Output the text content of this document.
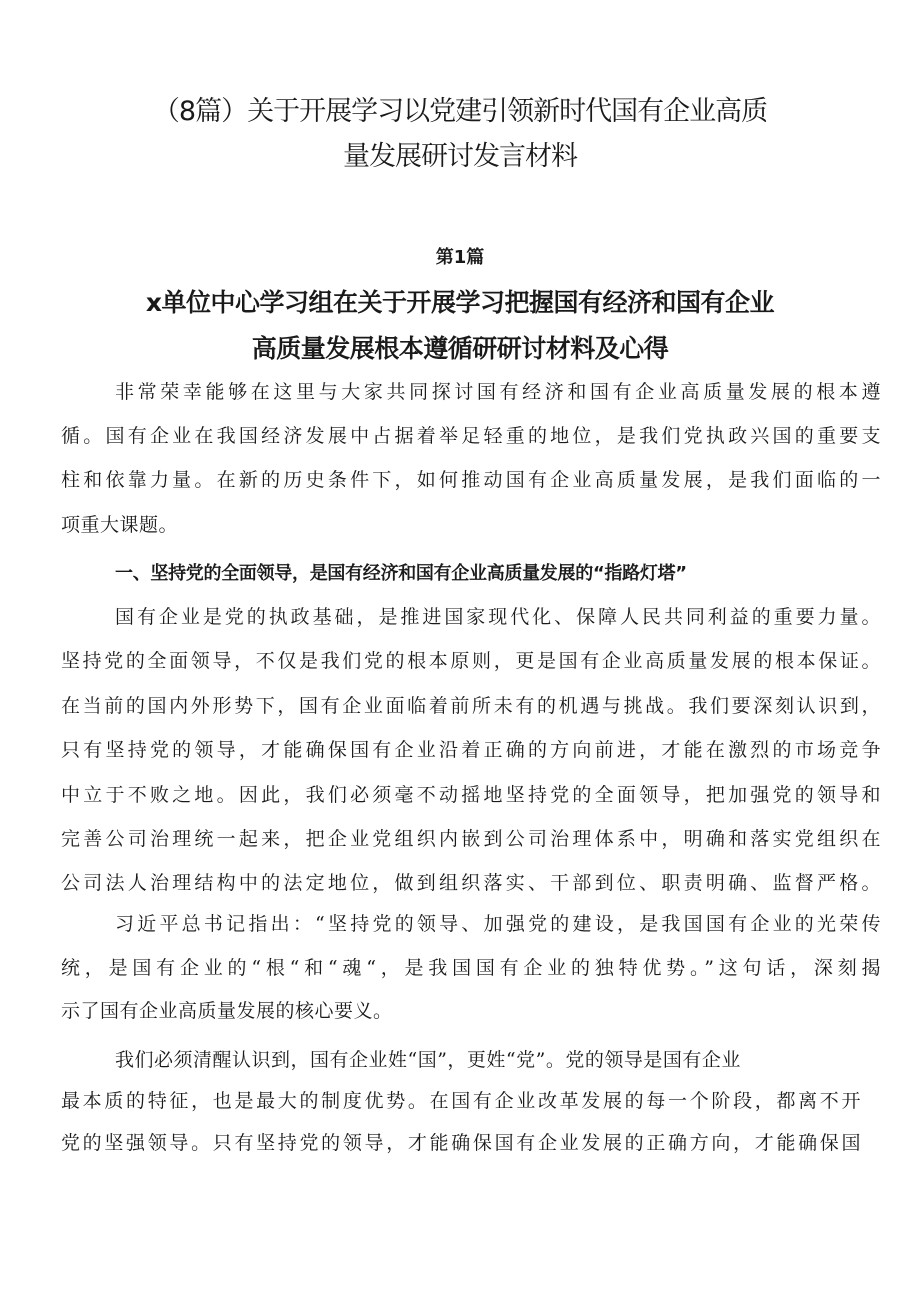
（8篇）关于开展学习以党建引领新时代国有企业高质
量发展研讨发言材料
第1篇
x单位中心学习组在关于开展学习把握国有经济和国有企业
高质量发展根本遵循研研讨材料及心得
非常荣幸能够在这里与大家共同探讨国有经济和国有企业高质量发展的根本遵
循。国有企业在我国经济发展中占据着举足轻重的地位，是我们党执政兴国的重要支
柱和依靠力量。在新的历史条件下，如何推动国有企业高质量发展，是我们面临的一
项重大课题。
一、坚持党的全面领导，是国有经济和国有企业高质量发展的“指路灯塔”
国有企业是党的执政基础，是推进国家现代化、保障人民共同利益的重要力量。
坚持党的全面领导，不仅是我们党的根本原则，更是国有企业高质量发展的根本保证。
在当前的国内外形势下，国有企业面临着前所未有的机遇与挑战。我们要深刻认识到，
只有坚持党的领导，才能确保国有企业沿着正确的方向前进，才能在激烈的市场竞争
中立于不败之地。因此，我们必须毫不动摇地坚持党的全面领导，把加强党的领导和
完善公司治理统一起来，把企业党组织内嵌到公司治理体系中，明确和落实党组织在
公司法人治理结构中的法定地位，做到组织落实、干部到位、职责明确、监督严格。
习近平总书记指出：“坚持党的领导、加强党的建设，是我国国有企业的光荣传
统，是国有企业的“根“和“魂“，是我国国有企业的独特优势。”这句话，深刻揭
示了国有企业高质量发展的核心要义。
我们必须清醒认识到，国有企业姓“国”，更姓“党”。党的领导是国有企业
最本质的特征，也是最大的制度优势。在国有企业改革发展的每一个阶段，都离不开
党的坚强领导。只有坚持党的领导，才能确保国有企业发展的正确方向，才能确保国
